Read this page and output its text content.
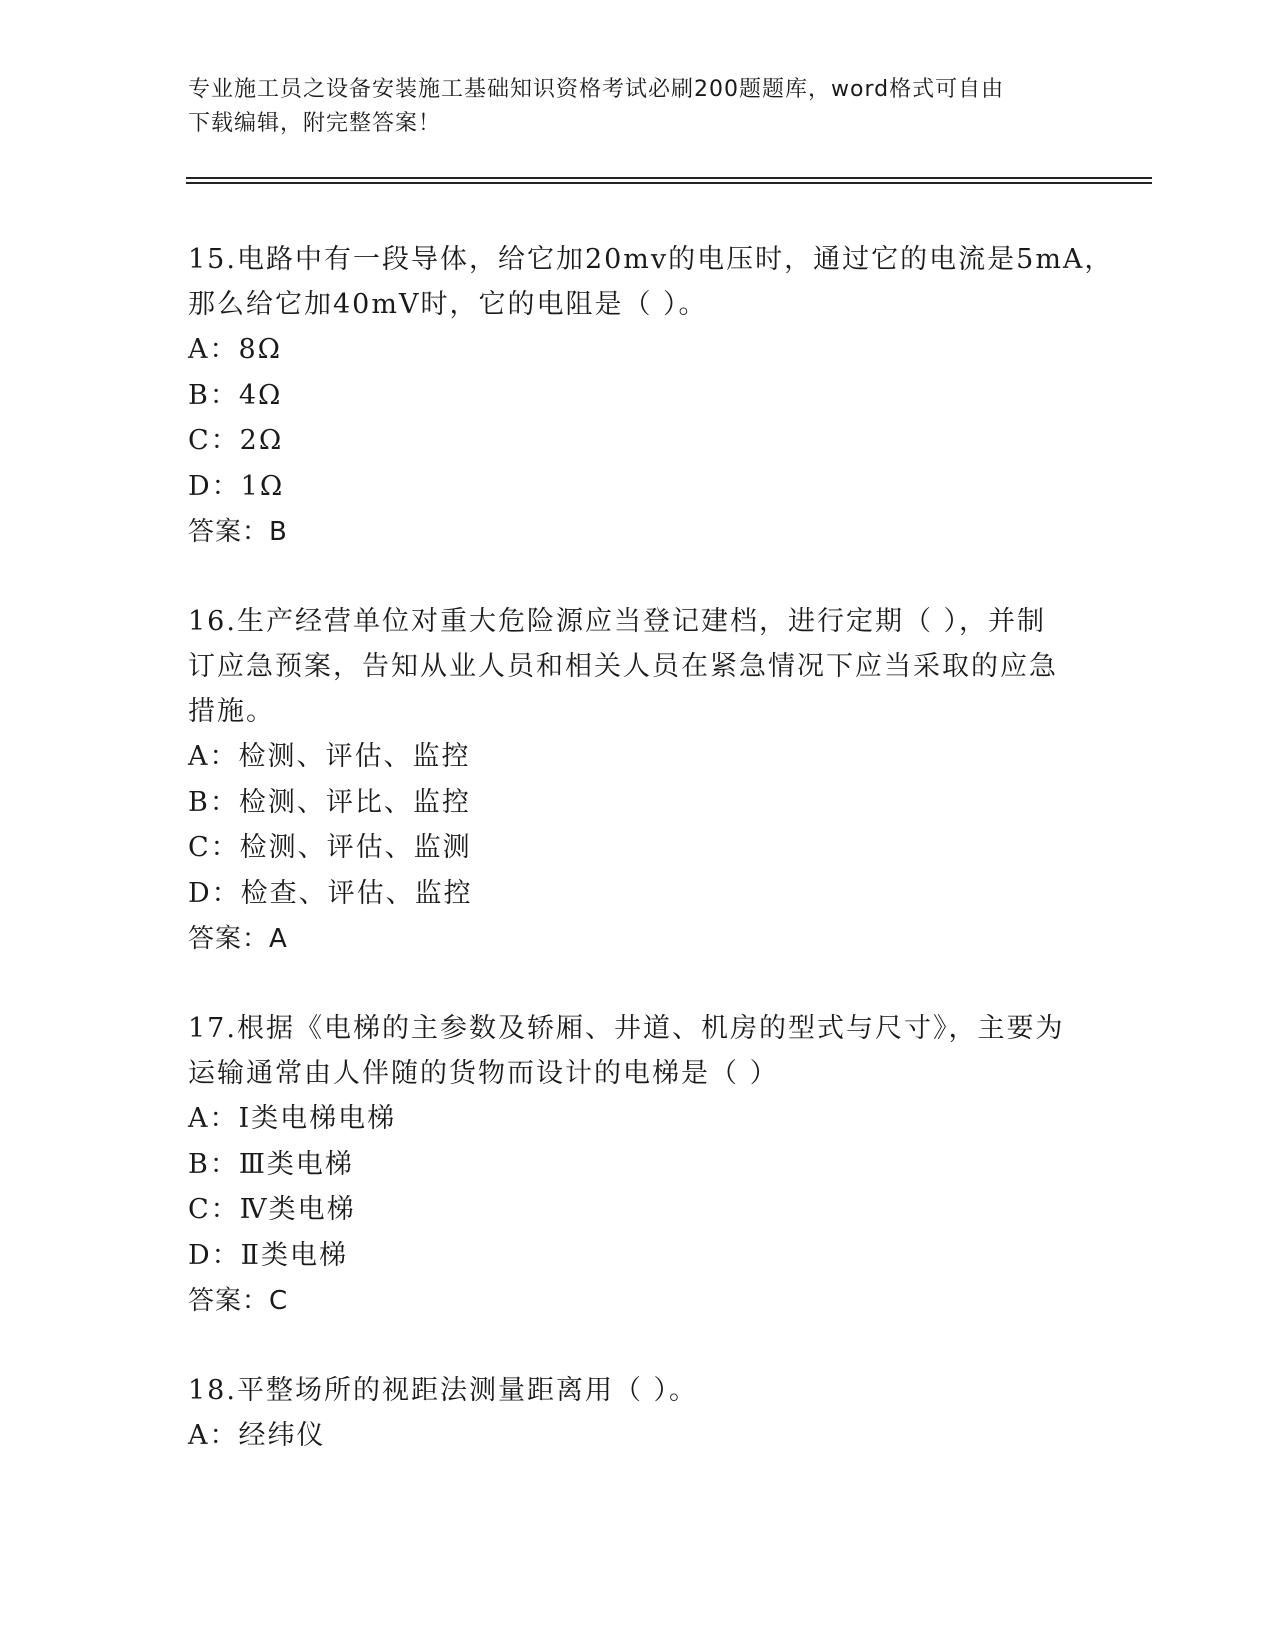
专业施工员之设备安装施工基础知识资格考试必刷200题题库，word格式可自由
下载编辑，附完整答案！
15.电路中有一段导体，给它加20mv的电压时，通过它的电流是5mA，
那么给它加40mV时，它的电阻是（ ）。
A：8Ω
B：4Ω
C：2Ω
D：1Ω
答案：B
16.生产经营单位对重大危险源应当登记建档，进行定期（ ），并制
订应急预案，告知从业人员和相关人员在紧急情况下应当采取的应急
措施。
A：检测、评估、监控
B：检测、评比、监控
C：检测、评估、监测
D：检查、评估、监控
答案：A
17.根据《电梯的主参数及轿厢、井道、机房的型式与尺寸》，主要为
运输通常由人伴随的货物而设计的电梯是（ ）
A：Ⅰ类电梯电梯
B：Ⅲ类电梯
C：Ⅳ类电梯
D：Ⅱ类电梯
答案：C
18.平整场所的视距法测量距离用（ ）。
A：经纬仪
